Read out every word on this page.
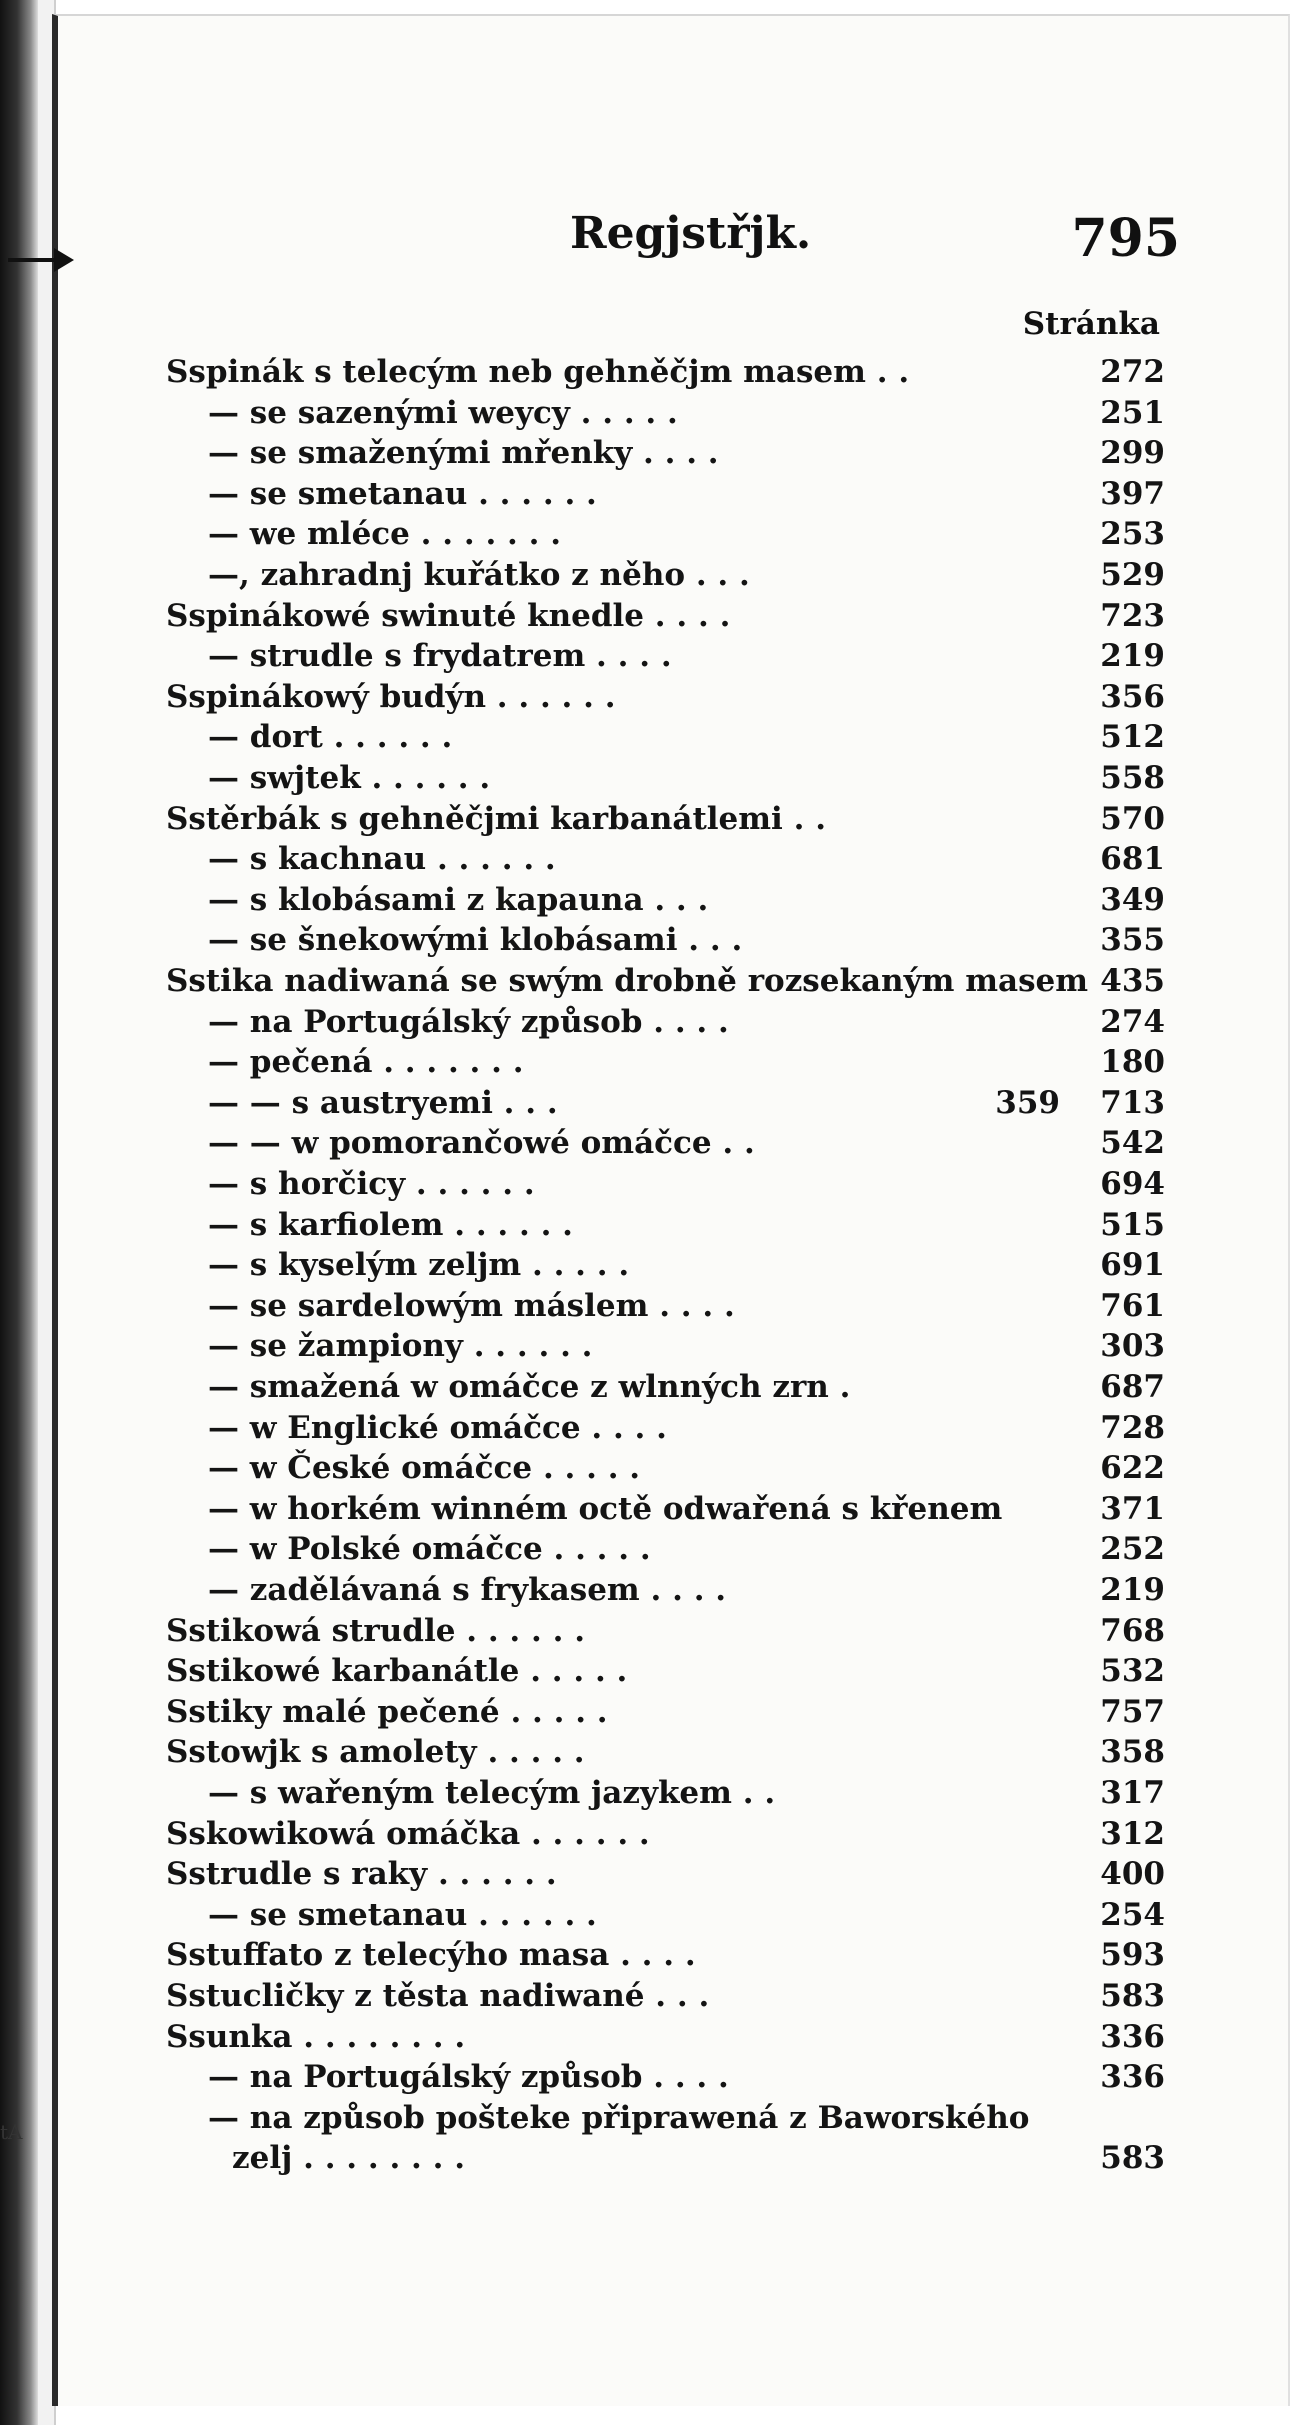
tA
Regjstřjk.	795
Stránka
Sspinák s telecým neb gehněčjm masem . .	272
— se sazenými weycy . . . . .	251
— se smaženými mřenky . . . .	299
— se smetanau . . . . . .	397
— we mléce . . . . . . .	253
—, zahradnj kuřátko z něho . . .	529
Sspinákowé swinuté knedle . . . .	723
— strudle s frydatrem . . . .	219
Sspinákowý budýn . . . . . .	356
— dort . . . . . .	512
— swjtek . . . . . .	558
Sstěrbák s gehněčjmi karbanátlemi . .	570
— s kachnau . . . . . .	681
— s klobásami z kapauna . . .	349
— se šnekowými klobásami . . .	355
Sstika nadiwaná se swým drobně rozsekaným masem 435
— na Portugálský způsob . . . .	274
— pečená . . . . . . .	180
— — s austryemi . . .	359	713
— — w pomorančowé omáčce . .	542
— s horčicy . . . . . .	694
— s karfiolem . . . . . .	515
— s kyselým zeljm . . . . .	691
— se sardelowým máslem . . . .	761
— se žampiony . . . . . .	303
— smažená w omáčce z wlnných zrn .	687
— w Englické omáčce . . . .	728
— w České omáčce . . . . .	622
— w horkém winném octě odwařená s křenem	371
— w Polské omáčce . . . . .	252
— zadělávaná s frykasem . . . .	219
Sstikowá strudle . . . . . .	768
Sstikowé karbanátle . . . . .	532
Sstiky malé pečené . . . . .	757
Sstowjk s amolety . . . . .	358
— s wařeným telecým jazykem . .	317
Sskowikowá omáčka . . . . . .	312
Sstrudle s raky . . . . . .	400
— se smetanau . . . . . .	254
Sstuffato z telecýho masa . . . .	593
Sstucličky z těsta nadiwané . . .	583
Ssunka . . . . . . . .	336
— na Portugálský způsob . . . .	336
— na způsob pošteke připrawená z Baworského
zelj . . . . . . . .	583
